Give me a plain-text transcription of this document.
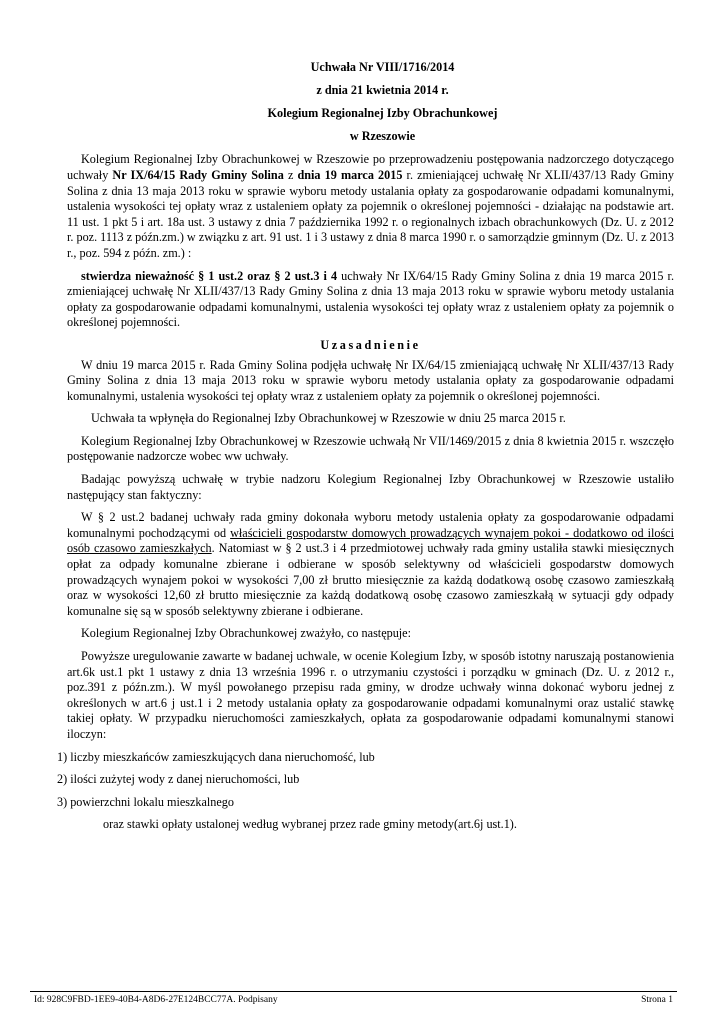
Uchwała Nr VIII/1716/2014
z dnia 21 kwietnia 2014 r.
Kolegium Regionalnej Izby Obrachunkowej
w Rzeszowie

Kolegium Regionalnej Izby Obrachunkowej w Rzeszowie po przeprowadzeniu postępowania nadzorczego dotyczącego uchwały Nr IX/64/15 Rady Gminy Solina z dnia 19 marca 2015 r. zmieniającej uchwałę Nr XLII/437/13 Rady Gminy Solina z dnia 13 maja 2013 roku w sprawie wyboru metody ustalania opłaty za gospodarowanie odpadami komunalnymi, ustalenia wysokości tej opłaty wraz z ustaleniem opłaty za pojemnik o określonej pojemności - działając na podstawie art. 11 ust. 1 pkt 5 i art. 18a ust. 3 ustawy z dnia 7 października 1992 r. o regionalnych izbach obrachunkowych (Dz. U. z 2012 r. poz. 1113 z późn.zm.) w związku z art. 91 ust. 1 i 3 ustawy z dnia 8 marca 1990 r. o samorządzie gminnym (Dz. U. z 2013 r., poz. 594 z późn. zm.) :

stwierdza nieważność § 1 ust.2 oraz § 2 ust.3 i 4 uchwały Nr IX/64/15 Rady Gminy Solina z dnia 19 marca 2015 r. zmieniającej uchwałę Nr XLII/437/13 Rady Gminy Solina z dnia 13 maja 2013 roku w sprawie wyboru metody ustalania opłaty za gospodarowanie odpadami komunalnymi, ustalenia wysokości tej opłaty wraz z ustaleniem opłaty za pojemnik o określonej pojemności.

Uzasadnienie

W dniu 19 marca 2015 r. Rada Gminy Solina podjęła uchwałę Nr IX/64/15 zmieniającą uchwałę Nr XLII/437/13 Rady Gminy Solina z dnia 13 maja 2013 roku w sprawie wyboru metody ustalania opłaty za gospodarowanie odpadami komunalnymi, ustalenia wysokości tej opłaty wraz z ustaleniem opłaty za pojemnik o określonej pojemności.

Uchwała ta wpłynęła do Regionalnej Izby Obrachunkowej w Rzeszowie w dniu 25 marca 2015 r.

Kolegium Regionalnej Izby Obrachunkowej w Rzeszowie uchwałą Nr VII/1469/2015 z dnia 8 kwietnia 2015 r. wszczęło postępowanie nadzorcze wobec ww uchwały.

Badając powyższą uchwałę w trybie nadzoru Kolegium Regionalnej Izby Obrachunkowej w Rzeszowie ustaliło następujący stan faktyczny:

W § 2 ust.2 badanej uchwały rada gminy dokonała wyboru metody ustalenia opłaty za gospodarowanie odpadami komunalnymi pochodzącymi od właścicieli gospodarstw domowych prowadzących wynajem pokoi - dodatkowo od ilości osób czasowo zamieszkałych. Natomiast w § 2 ust.3 i 4 przedmiotowej uchwały rada gminy ustaliła stawki miesięcznych opłat za odpady komunalne zbierane i odbierane w sposób selektywny od właścicieli gospodarstw domowych prowadzących wynajem pokoi w wysokości 7,00 zł brutto miesięcznie za każdą dodatkową osobę czasowo zamieszkałą oraz w wysokości 12,60 zł brutto miesięcznie za każdą dodatkową osobę czasowo zamieszkałą w sytuacji gdy odpady komunalne się są w sposób selektywny zbierane i odbierane.

Kolegium Regionalnej Izby Obrachunkowej zważyło, co następuje:

Powyższe uregulowanie zawarte w badanej uchwale, w ocenie Kolegium Izby, w sposób istotny naruszają postanowienia art.6k ust.1 pkt 1 ustawy z dnia 13 września 1996 r. o utrzymaniu czystości i porządku w gminach (Dz. U. z 2012 r., poz.391 z późn.zm.). W myśl powołanego przepisu rada gminy, w drodze uchwały winna dokonać wyboru jednej z określonych w art.6 j ust.1 i 2 metody ustalania opłaty za gospodarowanie odpadami komunalnymi oraz ustalić stawkę takiej opłaty. W przypadku nieruchomości zamieszkałych, opłata za gospodarowanie odpadami komunalnymi stanowi iloczyn:

1) liczby mieszkańców zamieszkujących dana nieruchomość, lub
2) ilości zużytej wody z danej nieruchomości, lub
3) powierzchni lokalu mieszkalnego
oraz stawki opłaty ustalonej według wybranej przez rade gminy metody(art.6j ust.1).
Id: 928C9FBD-1EE9-40B4-A8D6-27E124BCC77A. Podpisany	Strona 1
